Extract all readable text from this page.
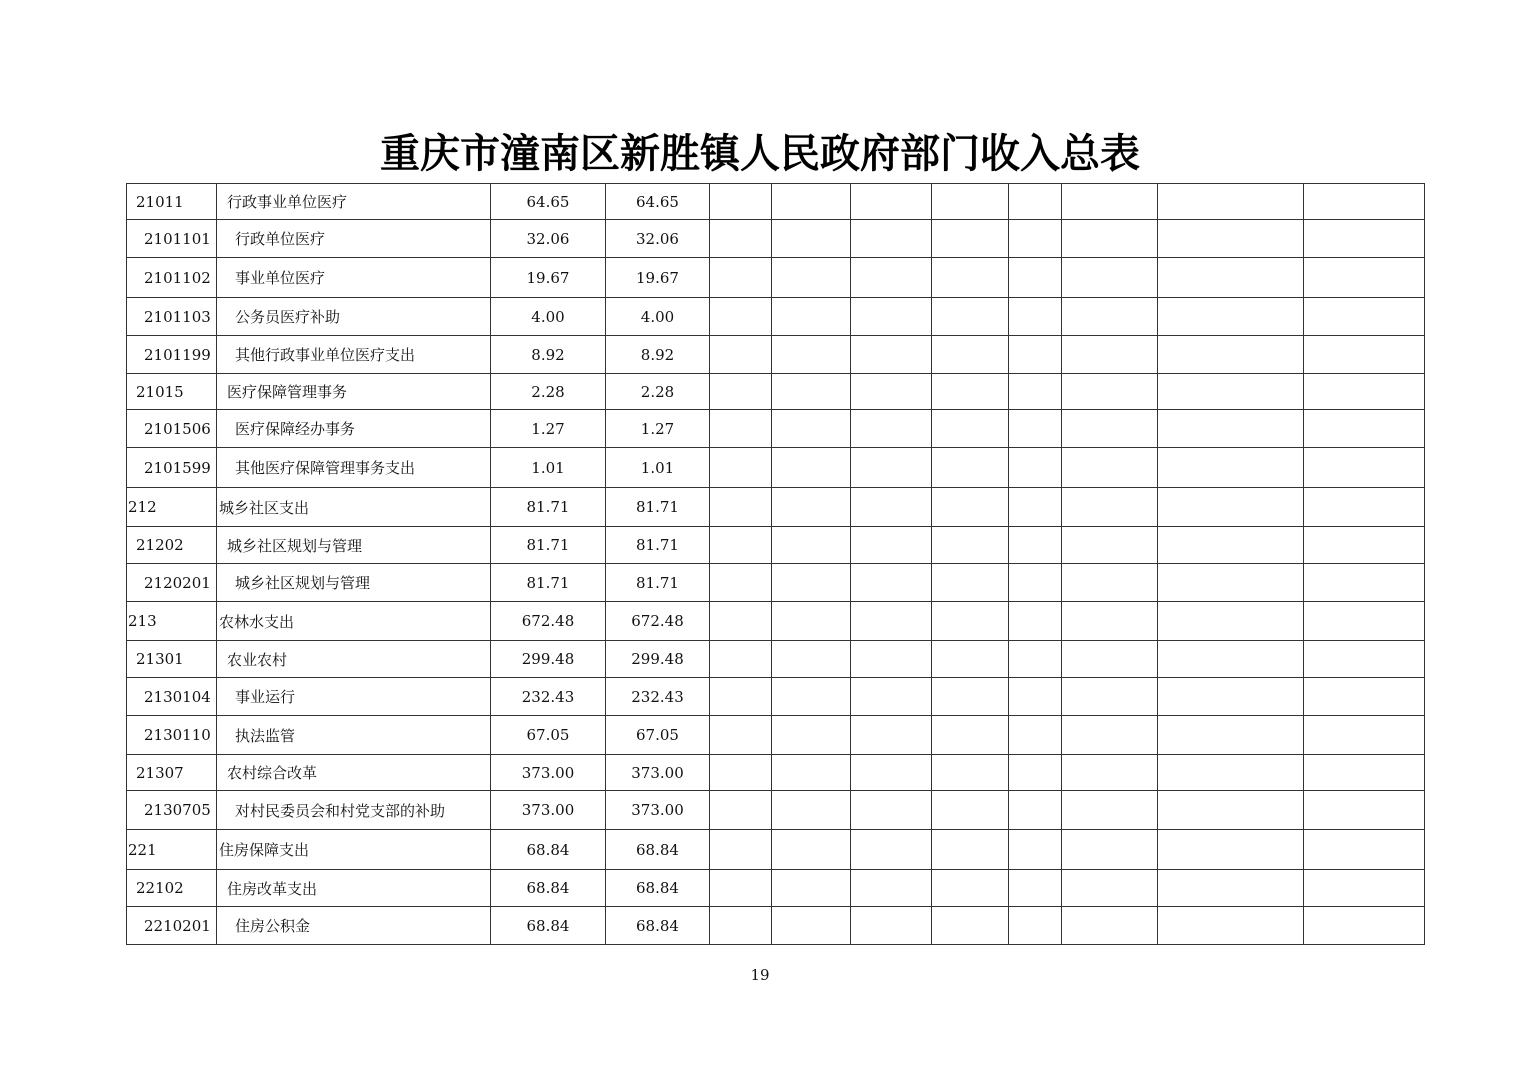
重庆市潼南区新胜镇人民政府部门收入总表
21011	行政事业单位医疗	64.65	64.65								
2101101	行政单位医疗	32.06	32.06								
2101102	事业单位医疗	19.67	19.67								
2101103	公务员医疗补助	4.00	4.00								
2101199	其他行政事业单位医疗支出	8.92	8.92								
21015	医疗保障管理事务	2.28	2.28								
2101506	医疗保障经办事务	1.27	1.27								
2101599	其他医疗保障管理事务支出	1.01	1.01								
212	城乡社区支出	81.71	81.71								
21202	城乡社区规划与管理	81.71	81.71								
2120201	城乡社区规划与管理	81.71	81.71								
213	农林水支出	672.48	672.48								
21301	农业农村	299.48	299.48								
2130104	事业运行	232.43	232.43								
2130110	执法监管	67.05	67.05								
21307	农村综合改革	373.00	373.00								
2130705	对村民委员会和村党支部的补助	373.00	373.00								
221	住房保障支出	68.84	68.84								
22102	住房改革支出	68.84	68.84								
2210201	住房公积金	68.84	68.84								
19
